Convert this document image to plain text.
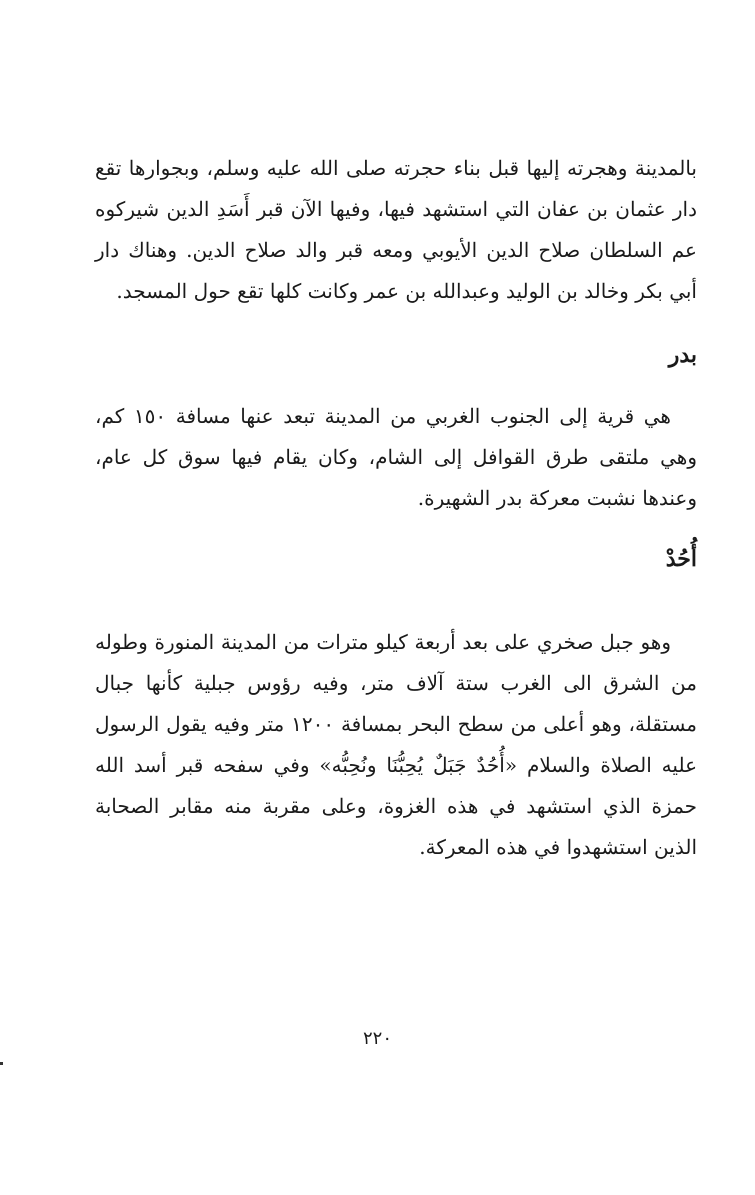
بالمدينة وهجرته إليها قبل بناء حجرته صلى الله عليه وسلم، وبجوارها تقع دار عثمان بن عفان التي استشهد فيها، وفيها الآن قبر أَسَدِ الدين شيركوه عم السلطان صلاح الدين الأيوبي ومعه قبر والد صلاح الدين. وهناك دار أبي بكر وخالد بن الوليد وعبدالله بن عمر وكانت كلها تقع حول المسجد.

بدر

هي قرية إلى الجنوب الغربي من المدينة تبعد عنها مسافة ١٥٠ كم، وهي ملتقى طرق القوافل إلى الشام، وكان يقام فيها سوق كل عام، وعندها نشبت معركة بدر الشهيرة.

أُحُدْ

وهو جبل صخري على بعد أربعة كيلو مترات من المدينة المنورة وطوله من الشرق الى الغرب ستة آلاف متر، وفيه رؤوس جبلية كأنها جبال مستقلة، وهو أعلى من سطح البحر بمسافة ١٢٠٠ متر وفيه يقول الرسول عليه الصلاة والسلام «أُحُدٌ جَبَلٌ يُحِبُّنَا ونُحِبُّه» وفي سفحه قبر أسد الله حمزة الذي استشهد في هذه الغزوة، وعلى مقربة منه مقابر الصحابة الذين استشهدوا في هذه المعركة.

٢٢٠
